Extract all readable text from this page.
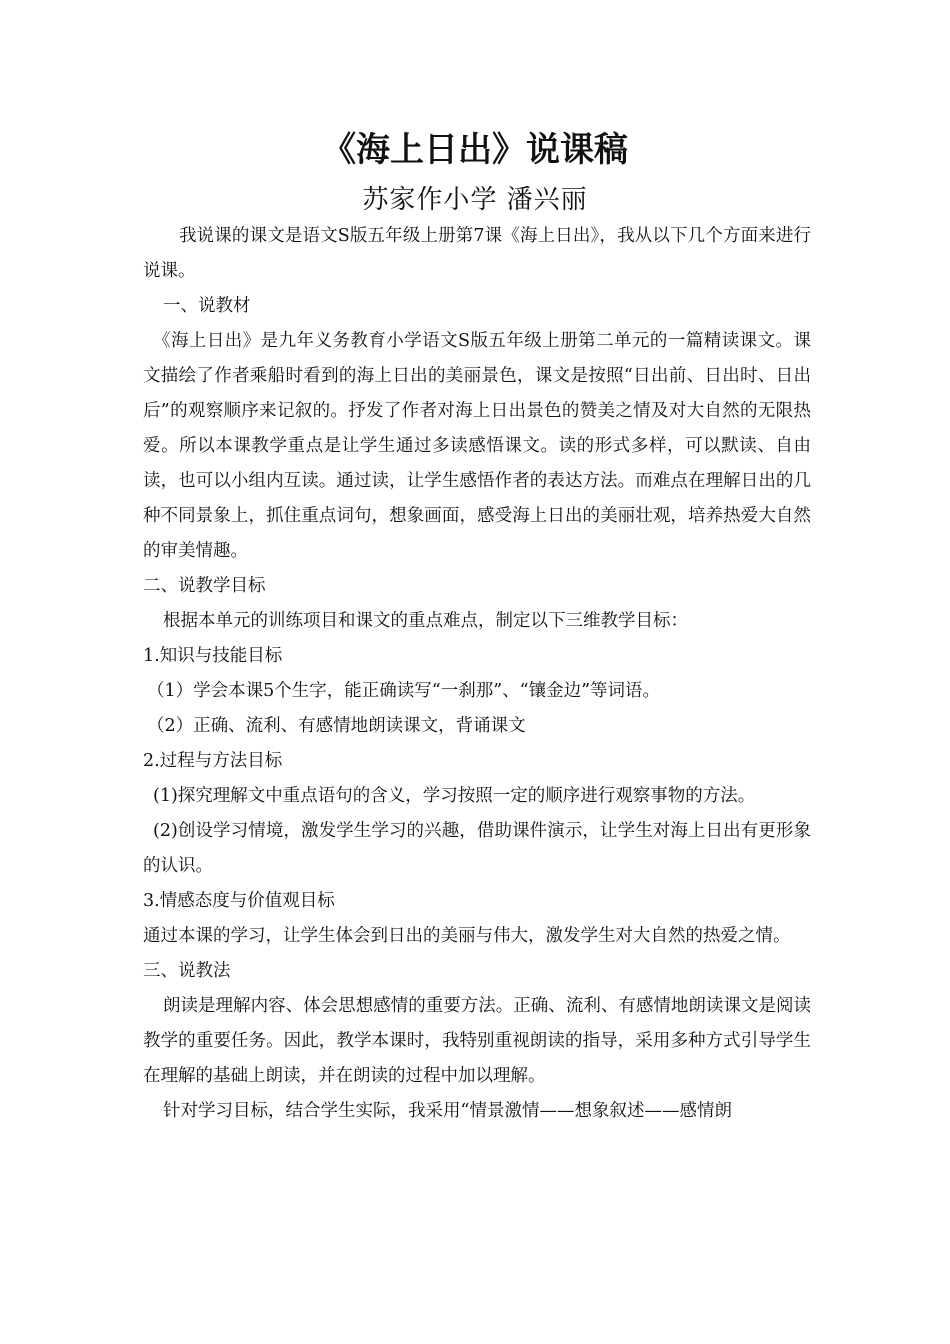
《海上日出》说课稿
苏家作小学 潘兴丽

我说课的课文是语文S版五年级上册第7课《海上日出》，我从以下几个方面来进行说课。

一、说教材

《海上日出》是九年义务教育小学语文S版五年级上册第二单元的一篇精读课文。课文描绘了作者乘船时看到的海上日出的美丽景色，课文是按照“日出前、日出时、日出后”的观察顺序来记叙的。抒发了作者对海上日出景色的赞美之情及对大自然的无限热爱。所以本课教学重点是让学生通过多读感悟课文。读的形式多样，可以默读、自由读，也可以小组内互读。通过读，让学生感悟作者的表达方法。而难点在理解日出的几种不同景象上，抓住重点词句，想象画面，感受海上日出的美丽壮观，培养热爱大自然的审美情趣。

二、说教学目标

根据本单元的训练项目和课文的重点难点，制定以下三维教学目标：

1.知识与技能目标

（1）学会本课5个生字，能正确读写“一刹那”、“镶金边”等词语。

（2）正确、流利、有感情地朗读课文，背诵课文

2.过程与方法目标

(1)探究理解文中重点语句的含义，学习按照一定的顺序进行观察事物的方法。

(2)创设学习情境，激发学生学习的兴趣，借助课件演示，让学生对海上日出有更形象的认识。

3.情感态度与价值观目标

通过本课的学习，让学生体会到日出的美丽与伟大，激发学生对大自然的热爱之情。

三、说教法

朗读是理解内容、体会思想感情的重要方法。正确、流利、有感情地朗读课文是阅读教学的重要任务。因此，教学本课时，我特别重视朗读的指导，采用多种方式引导学生在理解的基础上朗读，并在朗读的过程中加以理解。

针对学习目标，结合学生实际，我采用“情景激情——想象叙述——感情朗
